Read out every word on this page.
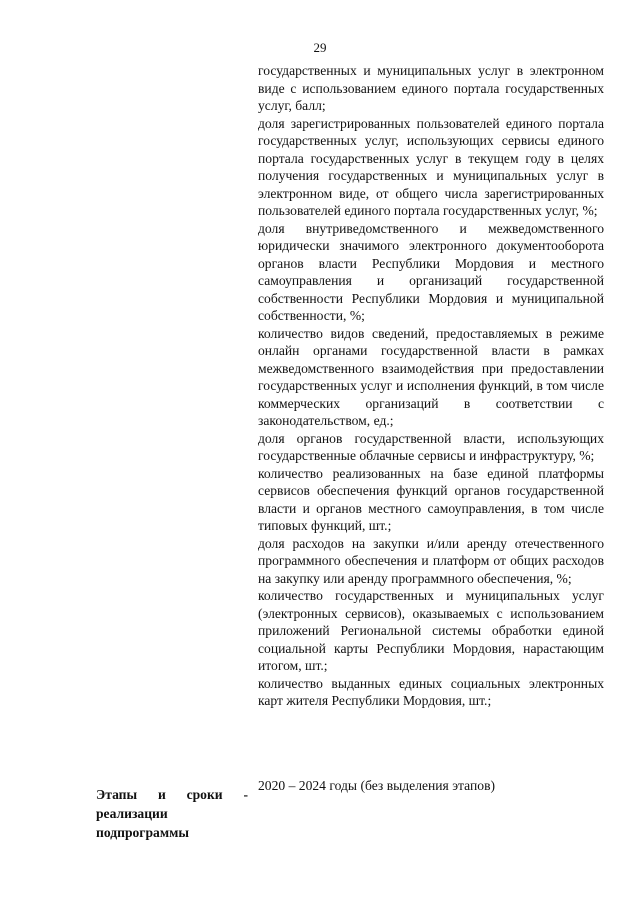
29

государственных и муниципальных услуг в электронном виде с использованием единого портала государственных услуг, балл;

доля зарегистрированных пользователей единого портала государственных услуг, использующих сервисы единого портала государственных услуг в текущем году в целях получения государственных и муниципальных услуг в электронном виде, от общего числа зарегистрированных пользователей единого портала государственных услуг, %;

доля внутриведомственного и межведомственного юридически значимого электронного документооборота органов власти Республики Мордовия и местного самоуправления и организаций государственной собственности Республики Мордовия и муниципальной собственности, %;

количество видов сведений, предоставляемых в режиме онлайн органами государственной власти в рамках межведомственного взаимодействия при предоставлении государственных услуг и исполнения функций, в том числе коммерческих организаций в соответствии с законодательством, ед.;

доля органов государственной власти, использующих государственные облачные сервисы и инфраструктуру, %;

количество реализованных на базе единой платформы сервисов обеспечения функций органов государственной власти и органов местного самоуправления, в том числе типовых функций, шт.;

доля расходов на закупки и/или аренду отечественного программного обеспечения и платформ от общих расходов на закупку или аренду программного обеспечения, %;

количество государственных и муниципальных услуг (электронных сервисов), оказываемых с использованием приложений Региональной системы обработки единой социальной карты Республики Мордовия, нарастающим итогом, шт.;

количество выданных единых социальных электронных карт жителя Республики Мордовия, шт.;

Этапы и сроки -
реализации
подпрограммы
2020 – 2024 годы (без выделения этапов)
